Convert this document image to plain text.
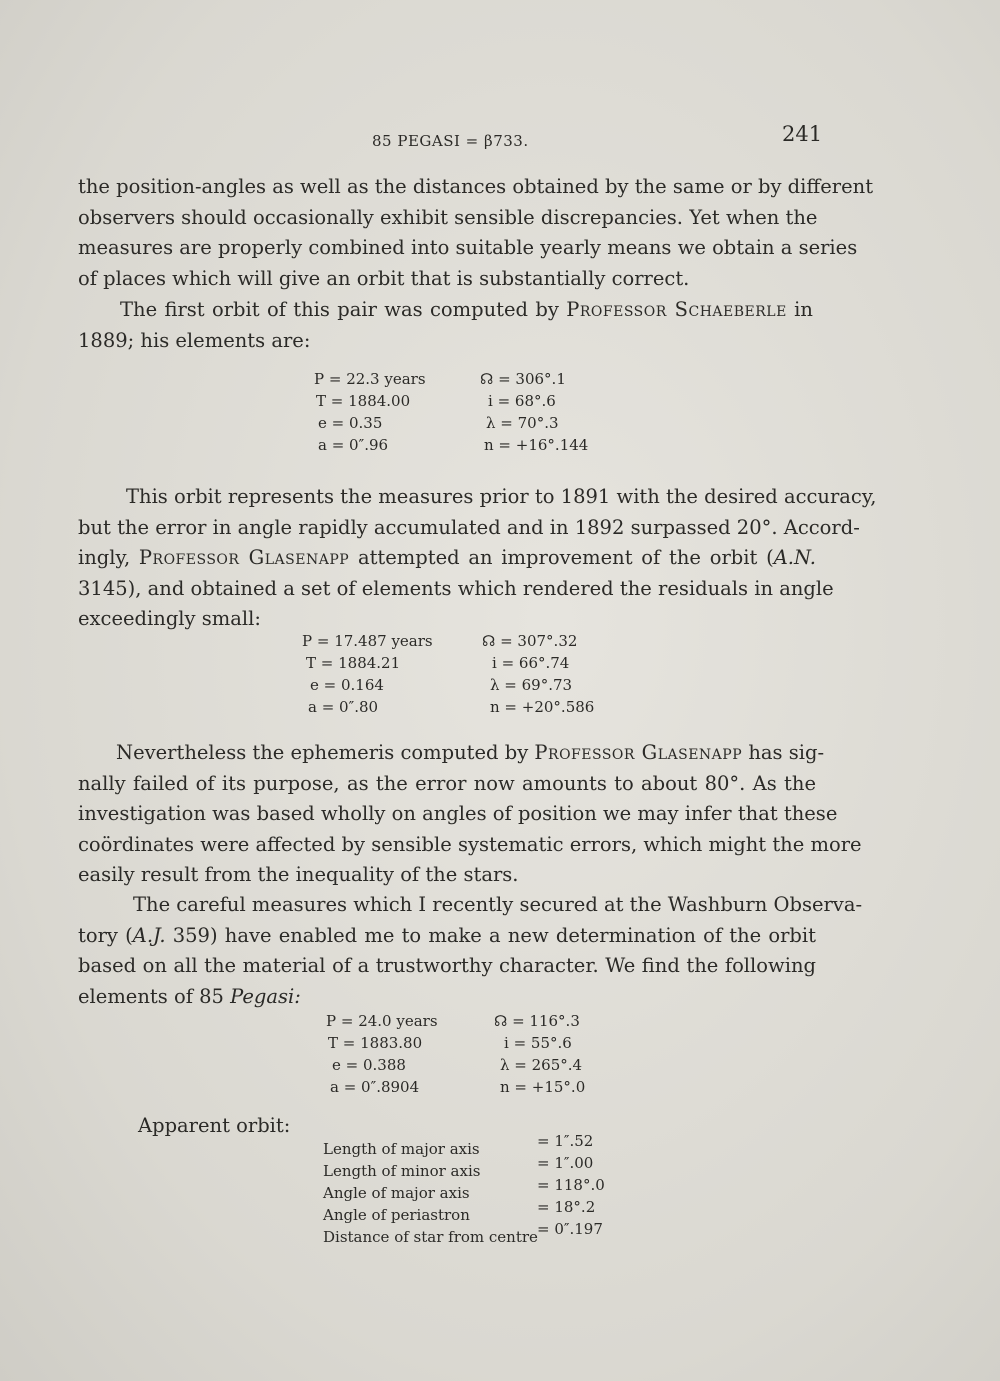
85 PEGASI = β733.	241

the position-angles as well as the distances obtained by the same or by different
observers should occasionally exhibit sensible discrepancies. Yet when the
measures are properly combined into suitable yearly means we obtain a series
of places which will give an orbit that is substantially correct.

The first orbit of this pair was computed by Professor Schaeberle in
1889; his elements are:

P = 22.3 years
T = 1884.00
e = 0.35
a = 0″.96
☊ = 306°.1
i = 68°.6
λ = 70°.3
n = +16°.144

This orbit represents the measures prior to 1891 with the desired accuracy,
but the error in angle rapidly accumulated and in 1892 surpassed 20°. Accord-
ingly, Professor Glasenapp attempted an improvement of the orbit (A.N.
3145), and obtained a set of elements which rendered the residuals in angle
exceedingly small:

P = 17.487 years
T = 1884.21
e = 0.164
a = 0″.80
☊ = 307°.32
i = 66°.74
λ = 69°.73
n = +20°.586

Nevertheless the ephemeris computed by Professor Glasenapp has sig-
nally failed of its purpose, as the error now amounts to about 80°. As the
investigation was based wholly on angles of position we may infer that these
coördinates were affected by sensible systematic errors, which might the more
easily result from the inequality of the stars.

The careful measures which I recently secured at the Washburn Observa-
tory (A.J. 359) have enabled me to make a new determination of the orbit
based on all the material of a trustworthy character. We find the following
elements of 85 Pegasi:

P = 24.0 years
T = 1883.80
e = 0.388
a = 0″.8904
☊ = 116°.3
i = 55°.6
λ = 265°.4
n = +15°.0
Apparent orbit:
Length of major axis
Length of minor axis
Angle of major axis
Angle of periastron
Distance of star from centre
= 1″.52
= 1″.00
= 118°.0
= 18°.2
= 0″.197
